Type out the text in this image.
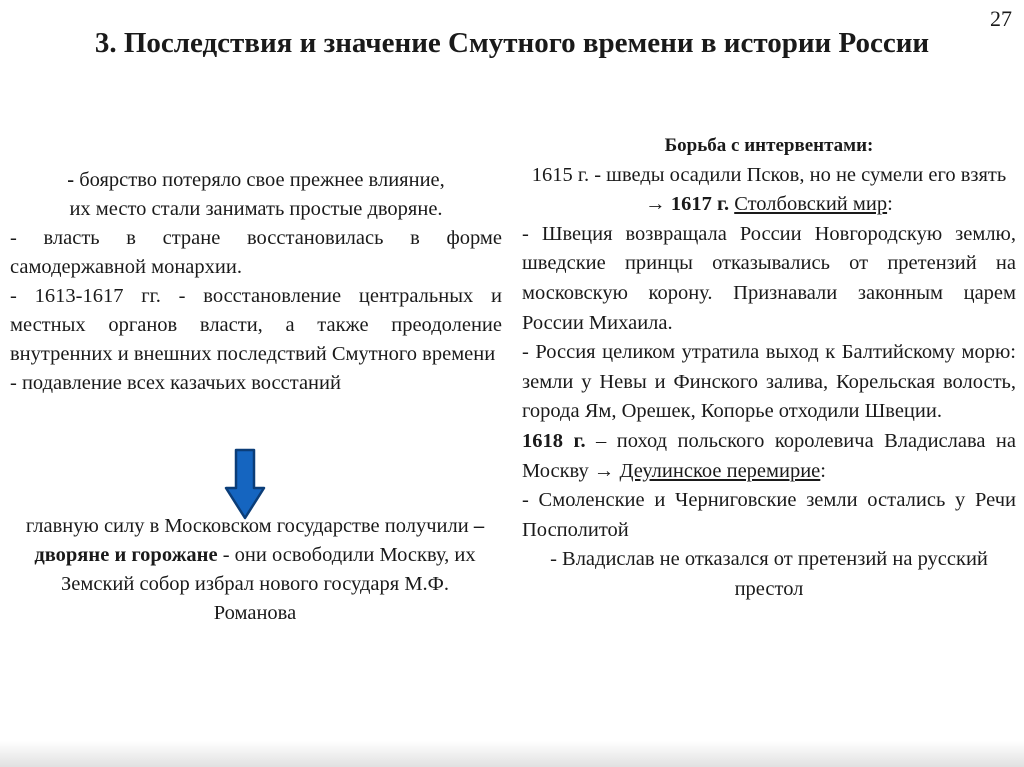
27
3. Последствия и значение Смутного времени в истории России

- боярство потеряло свое прежнее влияние,
их место стали занимать простые дворяне.

- власть в стране восстановилась в форме самодержавной монархии.

- 1613-1617 гг. - восстановление центральных и местных органов власти, а также преодоление внутренних и внешних последствий Смутного времени

- подавление всех казачьих восстаний

главную силу в Московском государстве получили – дворяне и горожане - они освободили Москву, их Земский собор избрал нового государя М.Ф. Романова

Борьба с интервентами:

1615 г. - шведы осадили Псков, но не сумели его взять → 1617 г. Столбовский мир:

- Швеция возвращала России Новгородскую землю, шведские принцы отказывались от претензий на московскую корону. Признавали законным царем России Михаила.

- Россия целиком утратила выход к Балтийскому морю: земли у Невы и Финского залива, Корельская волость, города Ям, Орешек, Копорье отходили Швеции.

1618 г. – поход польского королевича Владислава на Москву → Деулинское перемирие:

- Смоленские и Черниговские земли остались у Речи Посполитой

- Владислав не отказался от претензий на русский престол
